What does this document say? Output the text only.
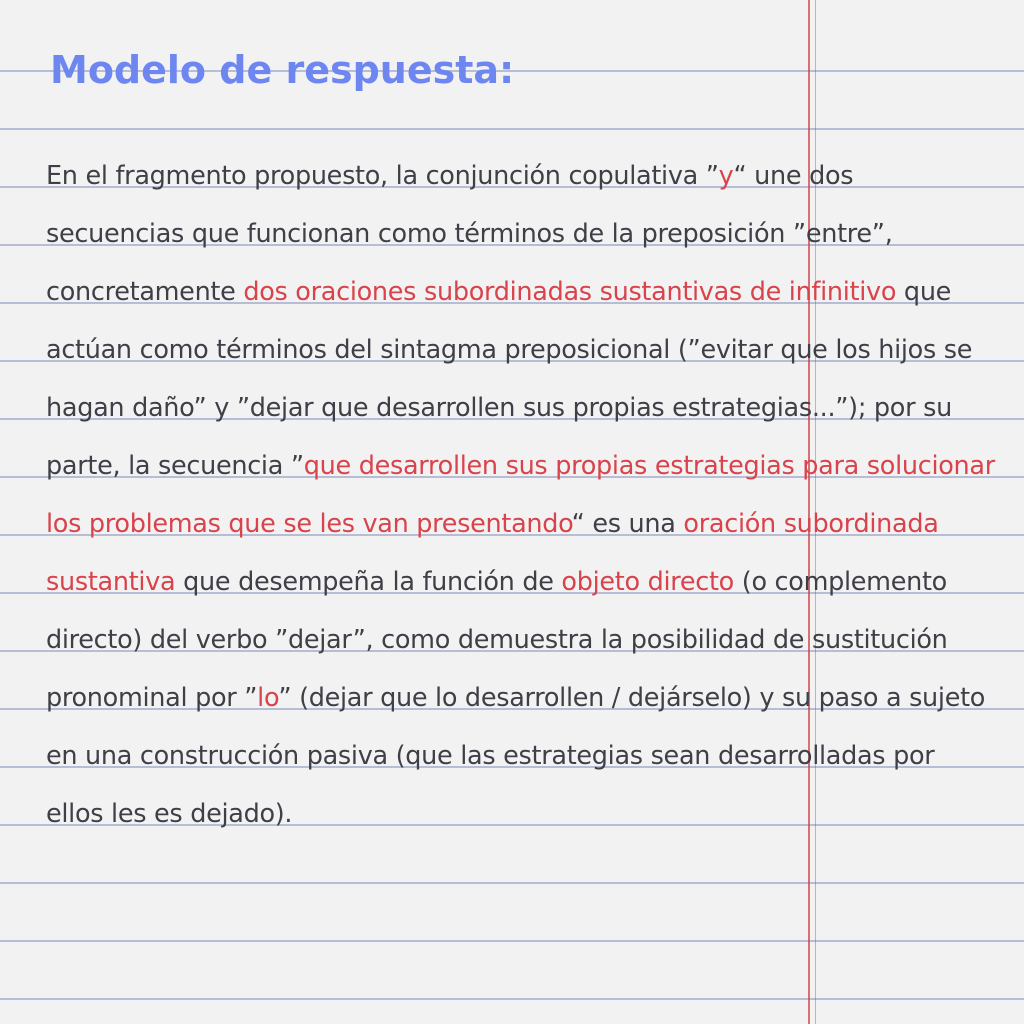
Modelo de respuesta:

En el fragmento propuesto, la conjunción copulativa ”y“ une dos secuencias que funcionan como términos de la preposición ”entre”, concretamente dos oraciones subordinadas sustantivas de infinitivo que actúan como términos del sintagma preposicional (”evitar que los hijos se hagan daño” y ”dejar que desarrollen sus propias estrategias...”); por su parte, la secuencia ”que desarrollen sus propias estrategias para solucionar los problemas que se les van presentando“ es una oración subordinada sustantiva que desempeña la función de objeto directo (o complemento directo) del verbo ”dejar”, como demuestra la posibilidad de sustitución pronominal por ”lo” (dejar que lo desarrollen / dejárselo) y su paso a sujeto en una construcción pasiva (que las estrategias sean desarrolladas por ellos les es dejado).
